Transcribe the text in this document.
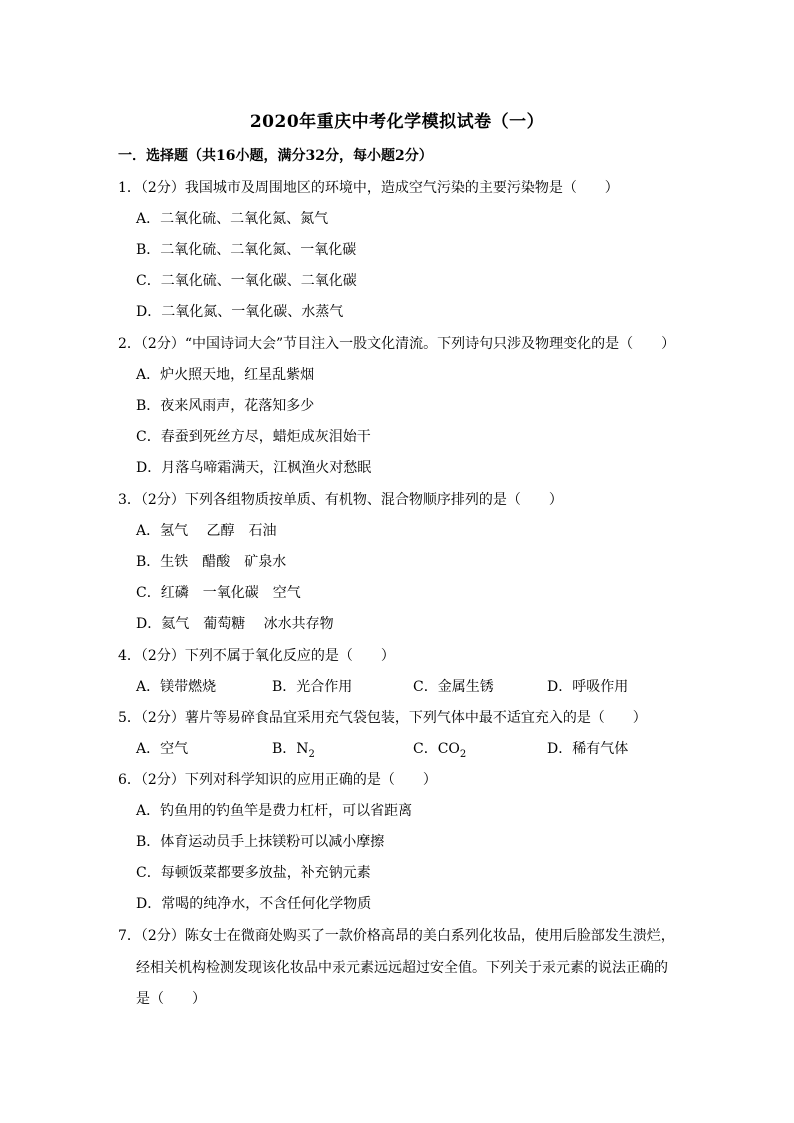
2020年重庆中考化学模拟试卷（一）
一．选择题（共16小题，满分32分，每小题2分）
1．（2分）我国城市及周围地区的环境中，造成空气污染的主要污染物是（　　）
A．二氧化硫、二氧化氮、氮气
B．二氧化硫、二氧化氮、一氧化碳
C．二氧化硫、一氧化碳、二氧化碳
D．二氧化氮、一氧化碳、水蒸气
2．（2分）“中国诗词大会”节目注入一股文化清流。下列诗句只涉及物理变化的是（　　）
A．炉火照天地，红星乱紫烟
B．夜来风雨声，花落知多少
C．春蚕到死丝方尽，蜡炬成灰泪始干
D．月落乌啼霜满天，江枫渔火对愁眠
3．（2分）下列各组物质按单质、有机物、混合物顺序排列的是（　　）
A．氢气　 乙醇　石油
B．生铁　醋酸　矿泉水
C．红磷　一氧化碳　空气
D．氦气　葡萄糖　 冰水共存物
4．（2分）下列不属于氧化反应的是（　　）
A．镁带燃烧	B．光合作用	C．金属生锈	D．呼吸作用
5．（2分）薯片等易碎食品宜采用充气袋包装，下列气体中最不适宜充入的是（　　）
A．空气	B．$N_2$	C．$CO_2$	D．稀有气体
6．（2分）下列对科学知识的应用正确的是（　　）
A．钓鱼用的钓鱼竿是费力杠杆，可以省距离
B．体育运动员手上抹镁粉可以减小摩擦
C．每顿饭菜都要多放盐，补充钠元素
D．常喝的纯净水，不含任何化学物质
7．（2分）陈女士在微商处购买了一款价格高昂的美白系列化妆品，使用后脸部发生溃烂，
经相关机构检测发现该化妆品中汞元素远远超过安全值。下列关于汞元素的说法正确的
是（　　）
